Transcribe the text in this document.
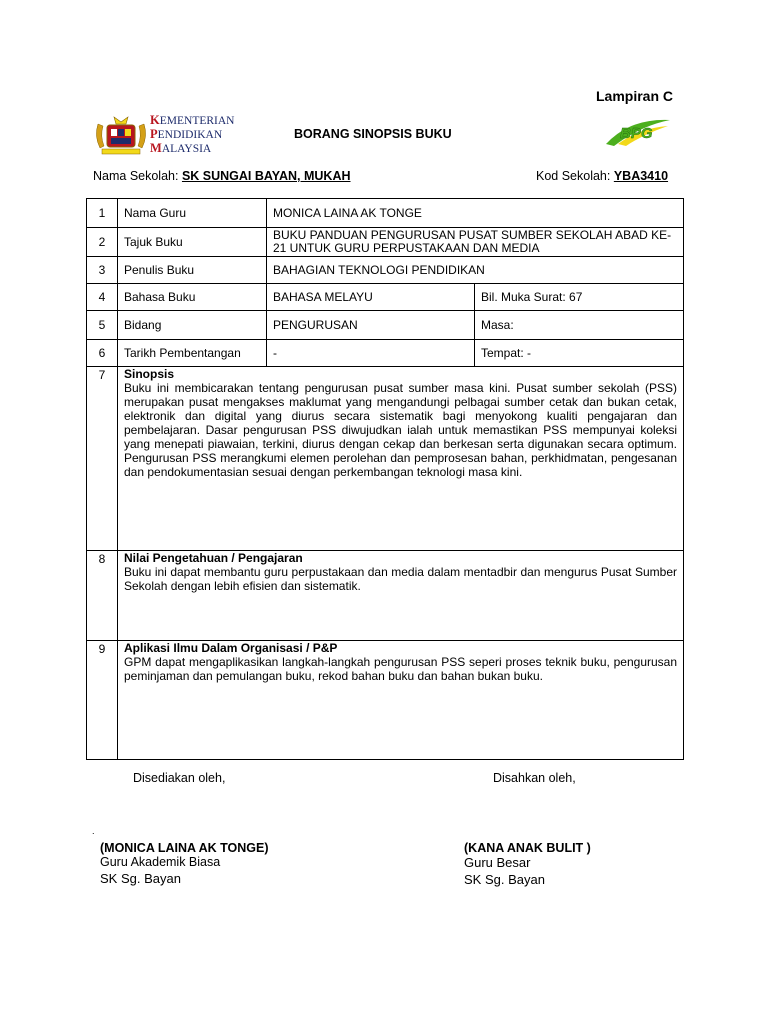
Lampiran C
KEMENTERIAN
PENDIDIKAN
MALAYSIA
BORANG SINOPSIS BUKU	BPG
Nama Sekolah: SK SUNGAI BAYAN, MUKAH	Kod Sekolah: YBA3410
1	Nama Guru	MONICA LAINA AK TONGE	
2	Tajuk Buku	BUKU PANDUAN PENGURUSAN PUSAT SUMBER SEKOLAH ABAD KE-21 UNTUK GURU PERPUSTAKAAN DAN MEDIA	
3	Penulis Buku	BAHAGIAN TEKNOLOGI PENDIDIKAN	
4	Bahasa Buku	BAHASA MELAYU	Bil. Muka Surat: 67
5	Bidang	PENGURUSAN	Masa:
6	Tarikh Pembentangan	-	Tempat: -
7	Sinopsis
Buku ini membicarakan tentang pengurusan pusat sumber masa kini. Pusat sumber sekolah (PSS) merupakan pusat mengakses maklumat yang mengandungi pelbagai sumber cetak dan bukan cetak, elektronik dan digital yang diurus secara sistematik bagi menyokong kualiti pengajaran dan pembelajaran. Dasar pengurusan PSS diwujudkan ialah untuk memastikan PSS mempunyai koleksi yang menepati piawaian, terkini, diurus dengan cekap dan berkesan serta digunakan secara optimum. Pengurusan PSS merangkumi elemen perolehan dan pemprosesan bahan, perkhidmatan, pengesanan dan pendokumentasian sesuai dengan perkembangan teknologi masa kini.		

8	Nilai Pengetahuan / Pengajaran
Buku ini dapat membantu guru perpustakaan dan media dalam mentadbir dan mengurus Pusat Sumber Sekolah dengan lebih efisien dan sistematik.		

9	Aplikasi Ilmu Dalam Organisasi / P&P
GPM dapat mengaplikasikan langkah-langkah pengurusan PSS seperi proses teknik buku, pengurusan peminjaman dan pemulangan buku, rekod bahan buku dan bahan bukan buku.		
Disediakan oleh,	Disahkan oleh,
.
(MONICA LAINA AK TONGE)
Guru Akademik Biasa
SK Sg. Bayan
(KANA ANAK BULIT )
Guru Besar
SK Sg. Bayan
